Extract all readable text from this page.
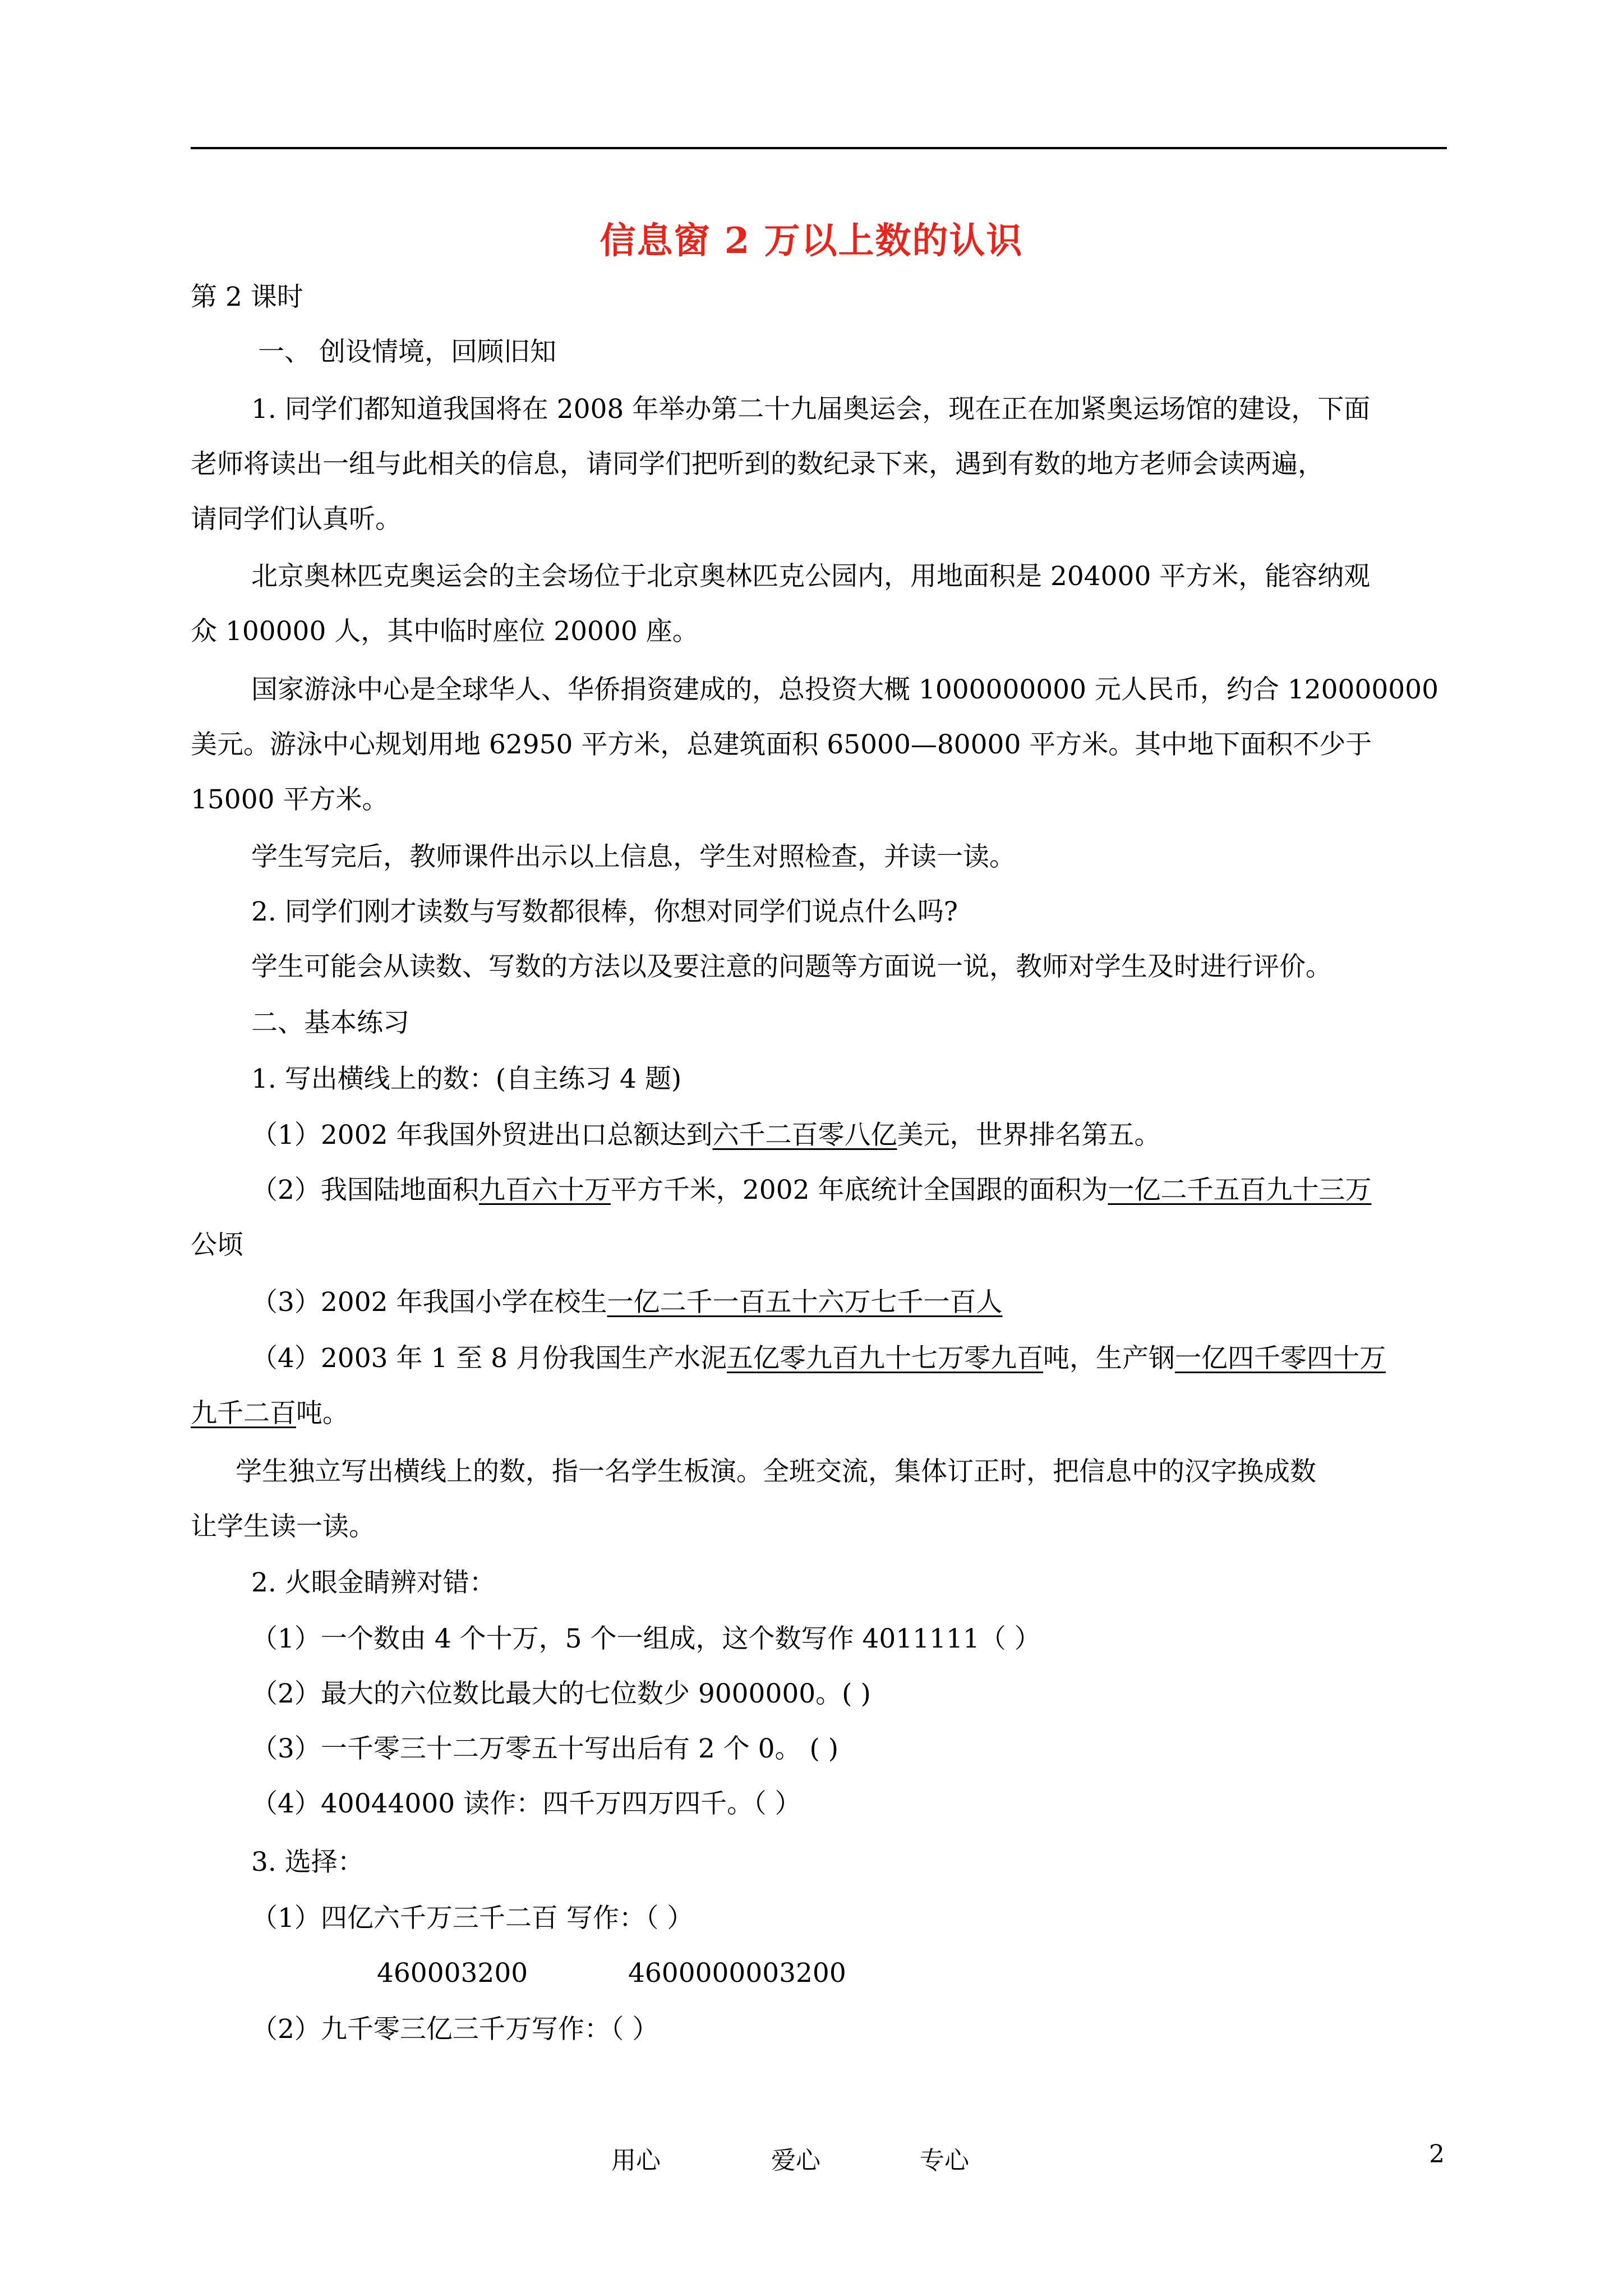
信息窗 2 万以上数的认识
第 2 课时
一、 创设情境，回顾旧知
1. 同学们都知道我国将在 2008 年举办第二十九届奥运会，现在正在加紧奥运场馆的建设，下面
老师将读出一组与此相关的信息，请同学们把听到的数纪录下来，遇到有数的地方老师会读两遍，
请同学们认真听。
北京奥林匹克奥运会的主会场位于北京奥林匹克公园内，用地面积是 204000 平方米，能容纳观
众 100000 人，其中临时座位 20000 座。
国家游泳中心是全球华人、华侨捐资建成的，总投资大概 1000000000 元人民币，约合 120000000
美元。游泳中心规划用地 62950 平方米，总建筑面积 65000—80000 平方米。其中地下面积不少于
15000 平方米。
学生写完后，教师课件出示以上信息，学生对照检查，并读一读。
2. 同学们刚才读数与写数都很棒，你想对同学们说点什么吗?
学生可能会从读数、写数的方法以及要注意的问题等方面说一说，教师对学生及时进行评价。
二、基本练习
1. 写出横线上的数：(自主练习 4 题)
（1）2002 年我国外贸进出口总额达到六千二百零八亿美元，世界排名第五。
（2）我国陆地面积九百六十万平方千米，2002 年底统计全国跟的面积为一亿二千五百九十三万
公顷
（3）2002 年我国小学在校生一亿二千一百五十六万七千一百人
（4）2003 年 1 至 8 月份我国生产水泥五亿零九百九十七万零九百吨，生产钢一亿四千零四十万
九千二百吨。
学生独立写出横线上的数，指一名学生板演。全班交流，集体订正时，把信息中的汉字换成数
让学生读一读。
2. 火眼金睛辨对错：
（1）一个数由 4 个十万，5 个一组成，这个数写作 4011111（ ）
（2）最大的六位数比最大的七位数少 9000000。( )
（3）一千零三十二万零五十写出后有 2 个 0。 ( )
（4）40044000 读作：四千万四万四千。（ ）
3. 选择：
（1）四亿六千万三千二百 写作：（ ）
460003200	4600000003200
（2）九千零三亿三千万写作：（ ）
用心	爱心	专心	2
